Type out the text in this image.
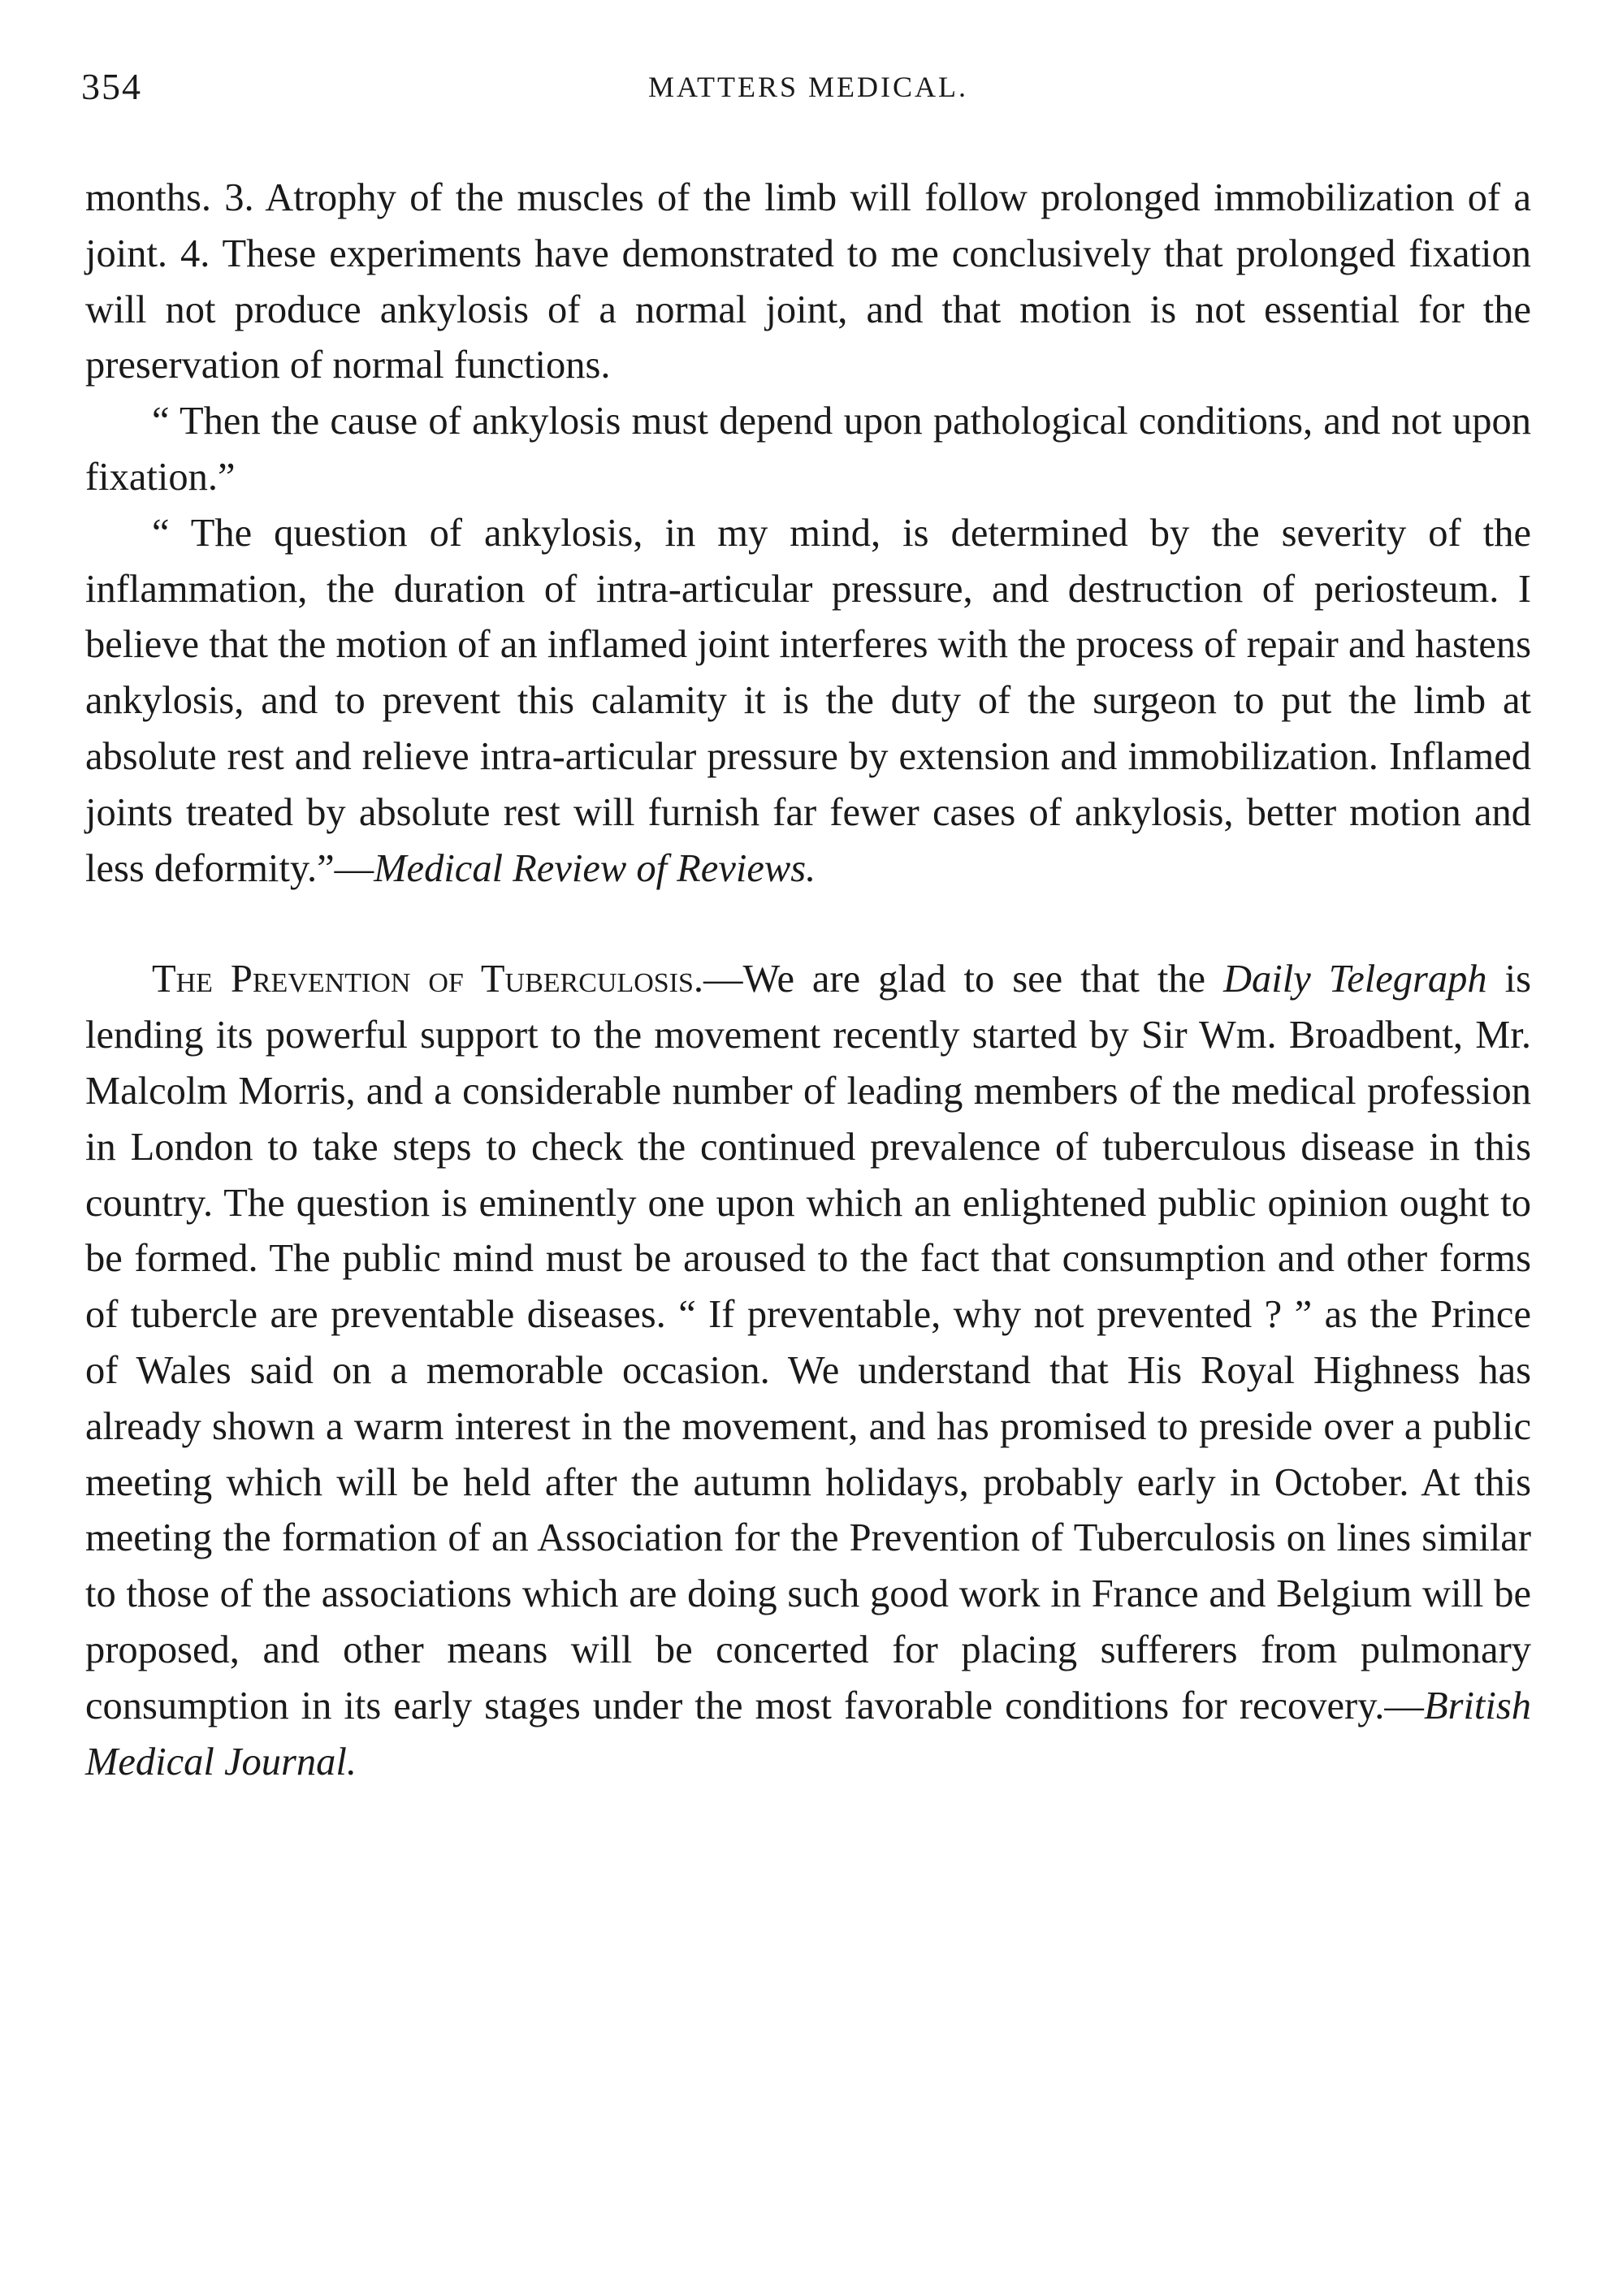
354	MATTERS MEDICAL.

months. 3. Atrophy of the muscles of the limb will follow prolonged immobilization of a joint. 4. These experiments have demonstrated to me conclusively that prolonged fixation will not produce ankylosis of a normal joint, and that motion is not essential for the preservation of normal functions.

“ Then the cause of ankylosis must depend upon pathological conditions, and not upon fixation.”

“ The question of ankylosis, in my mind, is determined by the severity of the inflammation, the duration of intra-articular pressure, and destruction of periosteum. I believe that the motion of an inflamed joint interferes with the process of repair and hastens ankylosis, and to prevent this calamity it is the duty of the surgeon to put the limb at absolute rest and relieve intra-articular pressure by extension and immobilization. Inflamed joints treated by absolute rest will furnish far fewer cases of ankylosis, better motion and less deformity.”—Medical Review of Reviews.

The Prevention of Tuberculosis.—We are glad to see that the Daily Telegraph is lending its powerful support to the movement recently started by Sir Wm. Broadbent, Mr. Malcolm Morris, and a considerable number of leading members of the medical profession in London to take steps to check the continued prevalence of tuberculous disease in this country. The question is eminently one upon which an enlightened public opinion ought to be formed. The public mind must be aroused to the fact that consumption and other forms of tubercle are preventable diseases. “ If preventable, why not prevented ? ” as the Prince of Wales said on a memorable occasion. We understand that His Royal Highness has already shown a warm interest in the movement, and has promised to preside over a public meeting which will be held after the autumn holidays, probably early in October. At this meeting the formation of an Association for the Prevention of Tuberculosis on lines similar to those of the associations which are doing such good work in France and Belgium will be proposed, and other means will be concerted for placing sufferers from pulmonary consumption in its early stages under the most favorable conditions for recovery.—British Medical Journal.
